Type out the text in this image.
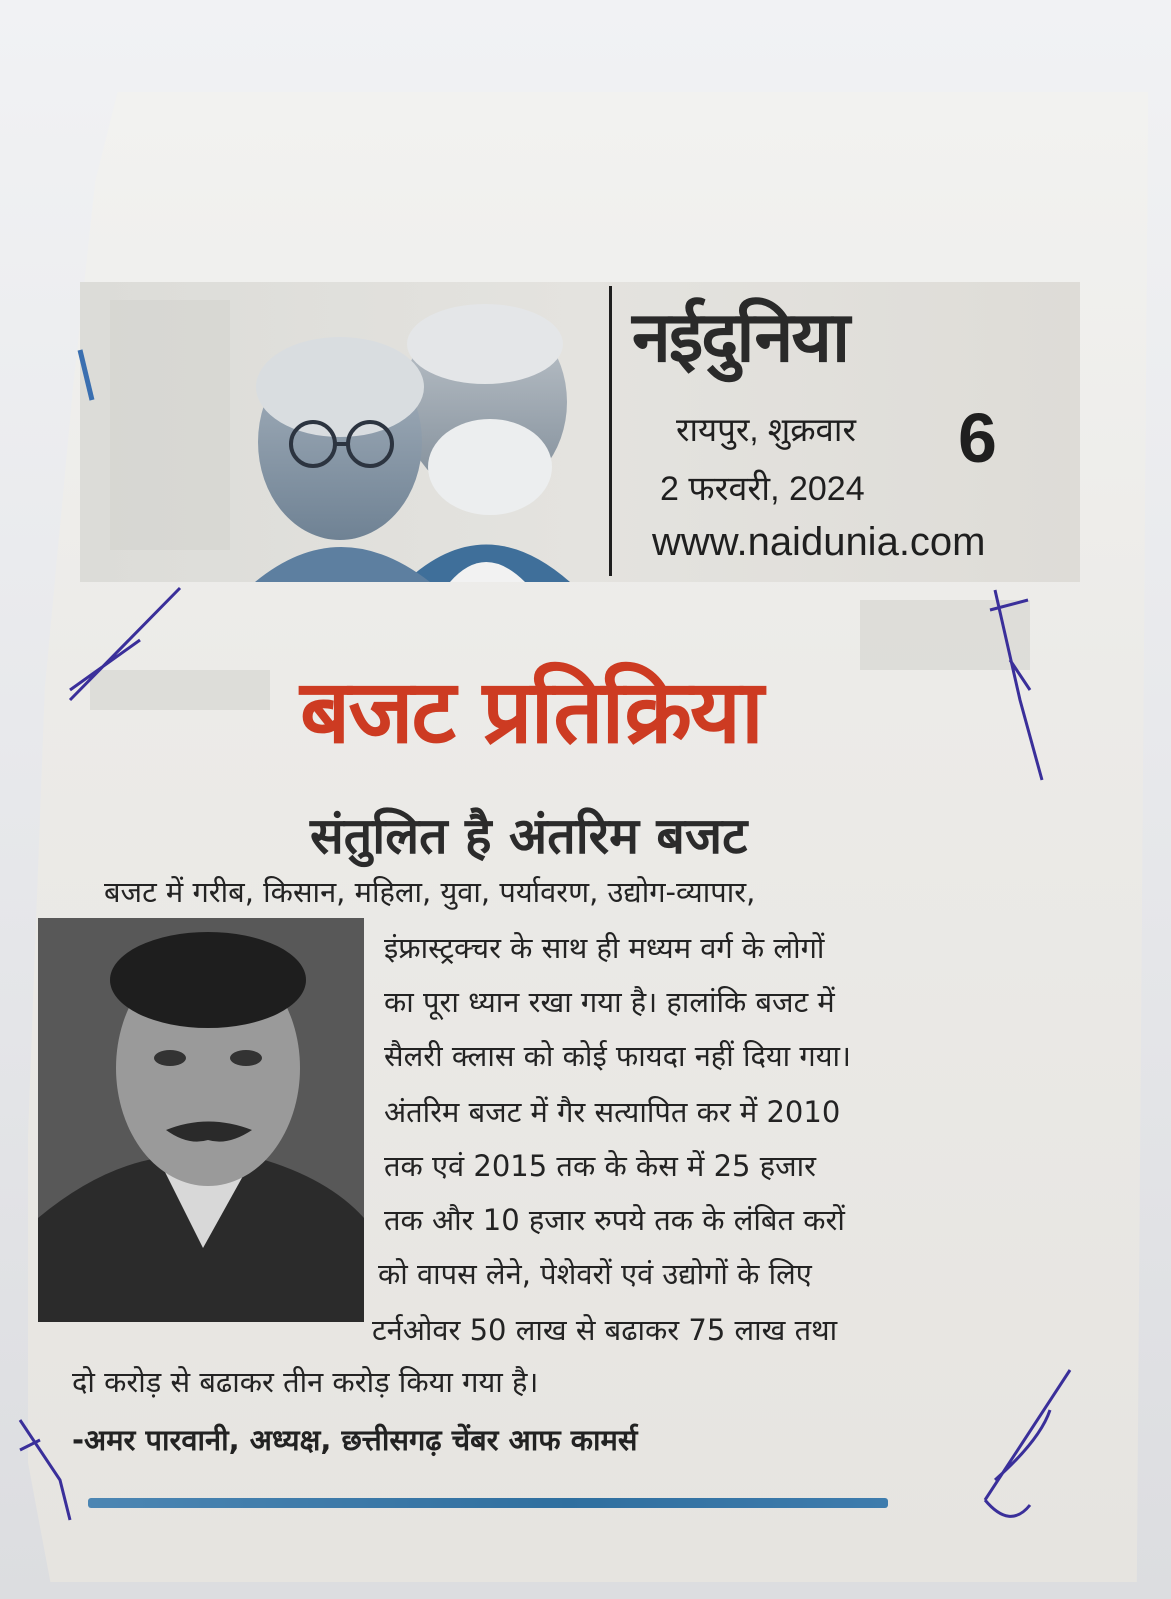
नईदुनिया
रायपुर, शुक्रवार
2 फरवरी, 2024
6
www.naidunia.com
बजट प्रतिक्रिया
संतुलित है अंतरिम बजट
बजट में गरीब, किसान, महिला, युवा, पर्यावरण, उद्योग-व्यापार,
इंफ्रास्ट्रक्चर के साथ ही मध्यम वर्ग के लोगों
का पूरा ध्यान रखा गया है। हालांकि बजट में
सैलरी क्लास को कोई फायदा नहीं दिया गया।
अंतरिम बजट में गैर सत्यापित कर में 2010
तक एवं 2015 तक के केस में 25 हजार
तक और 10 हजार रुपये तक के लंबित करों
को वापस लेने, पेशेवरों एवं उद्योगों के लिए
टर्नओवर 50 लाख से बढाकर 75 लाख तथा
दो करोड़ से बढाकर तीन करोड़ किया गया है।
-अमर पारवानी, अध्यक्ष, छत्तीसगढ़ चेंबर आफ कामर्स
